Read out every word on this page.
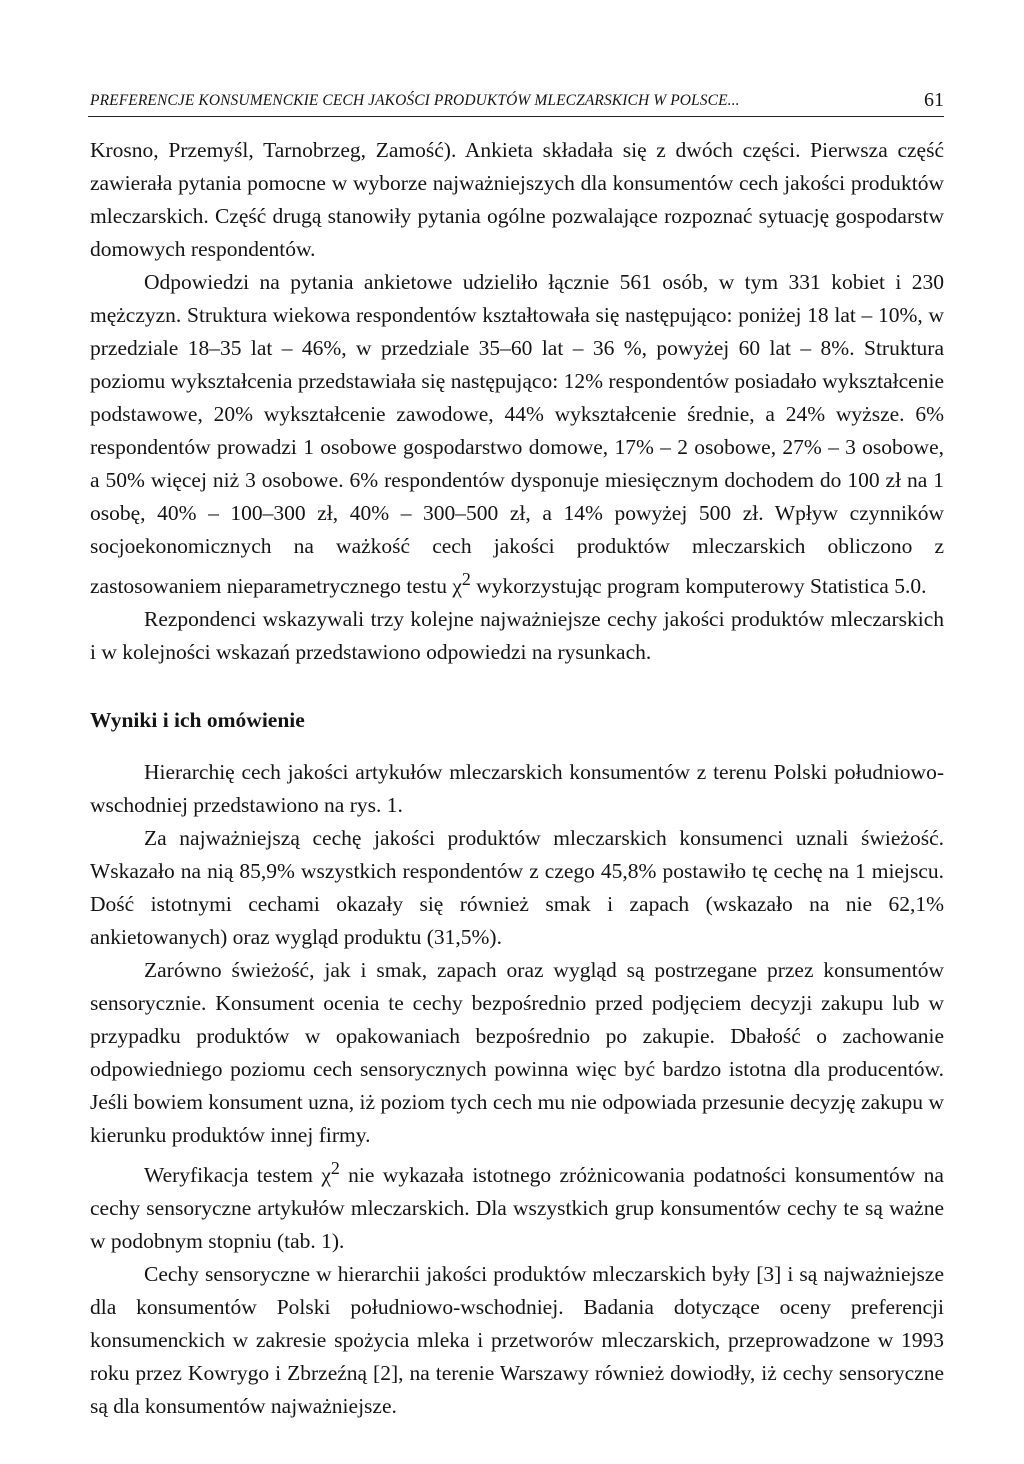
PREFERENCJE KONSUMENCKIE CECH JAKOŚCI PRODUKTÓW MLECZARSKICH W POLSCE...	61

Krosno, Przemyśl, Tarnobrzeg, Zamość). Ankieta składała się z dwóch części. Pierwsza część zawierała pytania pomocne w wyborze najważniejszych dla konsumentów cech jakości produktów mleczarskich. Część drugą stanowiły pytania ogólne pozwalające rozpoznać sytuację gospodarstw domowych respondentów.

Odpowiedzi na pytania ankietowe udzieliło łącznie 561 osób, w tym 331 kobiet i 230 mężczyzn. Struktura wiekowa respondentów kształtowała się następująco: poniżej 18 lat – 10%, w przedziale 18–35 lat – 46%, w przedziale 35–60 lat – 36 %, powyżej 60 lat – 8%. Struktura poziomu wykształcenia przedstawiała się następująco: 12% respondentów posiadało wykształcenie podstawowe, 20% wykształcenie zawodowe, 44% wykształcenie średnie, a 24% wyższe. 6% respondentów prowadzi 1 osobowe gospodarstwo domowe, 17% – 2 osobowe, 27% – 3 osobowe, a 50% więcej niż 3 osobowe. 6% respondentów dysponuje miesięcznym dochodem do 100 zł na 1 osobę, 40% – 100–300 zł, 40% – 300–500 zł, a 14% powyżej 500 zł. Wpływ czynników socjoekonomicznych na ważkość cech jakości produktów mleczarskich obliczono z zastosowaniem nieparametrycznego testu $\chi^2$ wykorzystując program komputerowy Statistica 5.0.

Rezpondenci wskazywali trzy kolejne najważniejsze cechy jakości produktów mleczarskich i w kolejności wskazań przedstawiono odpowiedzi na rysunkach.

Wyniki i ich omówienie

Hierarchię cech jakości artykułów mleczarskich konsumentów z terenu Polski południowo-wschodniej przedstawiono na rys. 1.

Za najważniejszą cechę jakości produktów mleczarskich konsumenci uznali świeżość. Wskazało na nią 85,9% wszystkich respondentów z czego 45,8% postawiło tę cechę na 1 miejscu. Dość istotnymi cechami okazały się również smak i zapach (wskazało na nie 62,1% ankietowanych) oraz wygląd produktu (31,5%).

Zarówno świeżość, jak i smak, zapach oraz wygląd są postrzegane przez konsumentów sensorycznie. Konsument ocenia te cechy bezpośrednio przed podjęciem decyzji zakupu lub w przypadku produktów w opakowaniach bezpośrednio po zakupie. Dbałość o zachowanie odpowiedniego poziomu cech sensorycznych powinna więc być bardzo istotna dla producentów. Jeśli bowiem konsument uzna, iż poziom tych cech mu nie odpowiada przesunie decyzję zakupu w kierunku produktów innej firmy.

Weryfikacja testem $\chi^2$ nie wykazała istotnego zróżnicowania podatności konsumentów na cechy sensoryczne artykułów mleczarskich. Dla wszystkich grup konsumentów cechy te są ważne w podobnym stopniu (tab. 1).

Cechy sensoryczne w hierarchii jakości produktów mleczarskich były [3] i są najważniejsze dla konsumentów Polski południowo-wschodniej. Badania dotyczące oceny preferencji konsumenckich w zakresie spożycia mleka i przetworów mleczarskich, przeprowadzone w 1993 roku przez Kowrygo i Zbrzeźną [2], na terenie Warszawy również dowiodły, iż cechy sensoryczne są dla konsumentów najważniejsze.
